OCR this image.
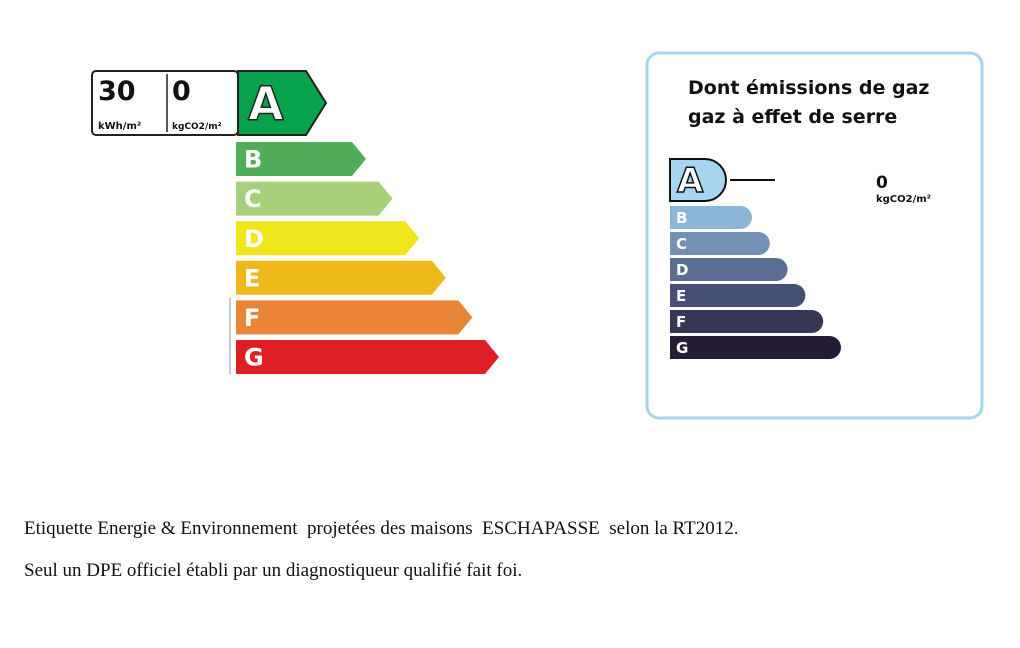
30
kWh/m²
0
kgCO2/m² A
B
C
D
E
F
G
Dont émissions de gaz
gaz à effet de serre
A
B
C
D
E
F
G
0
kgCO2/m²
Etiquette Energie & Environnement  projetées des maisons  ESCHAPASSE  selon la RT2012.
Seul un DPE officiel établi par un diagnostiqueur qualifié fait foi.
